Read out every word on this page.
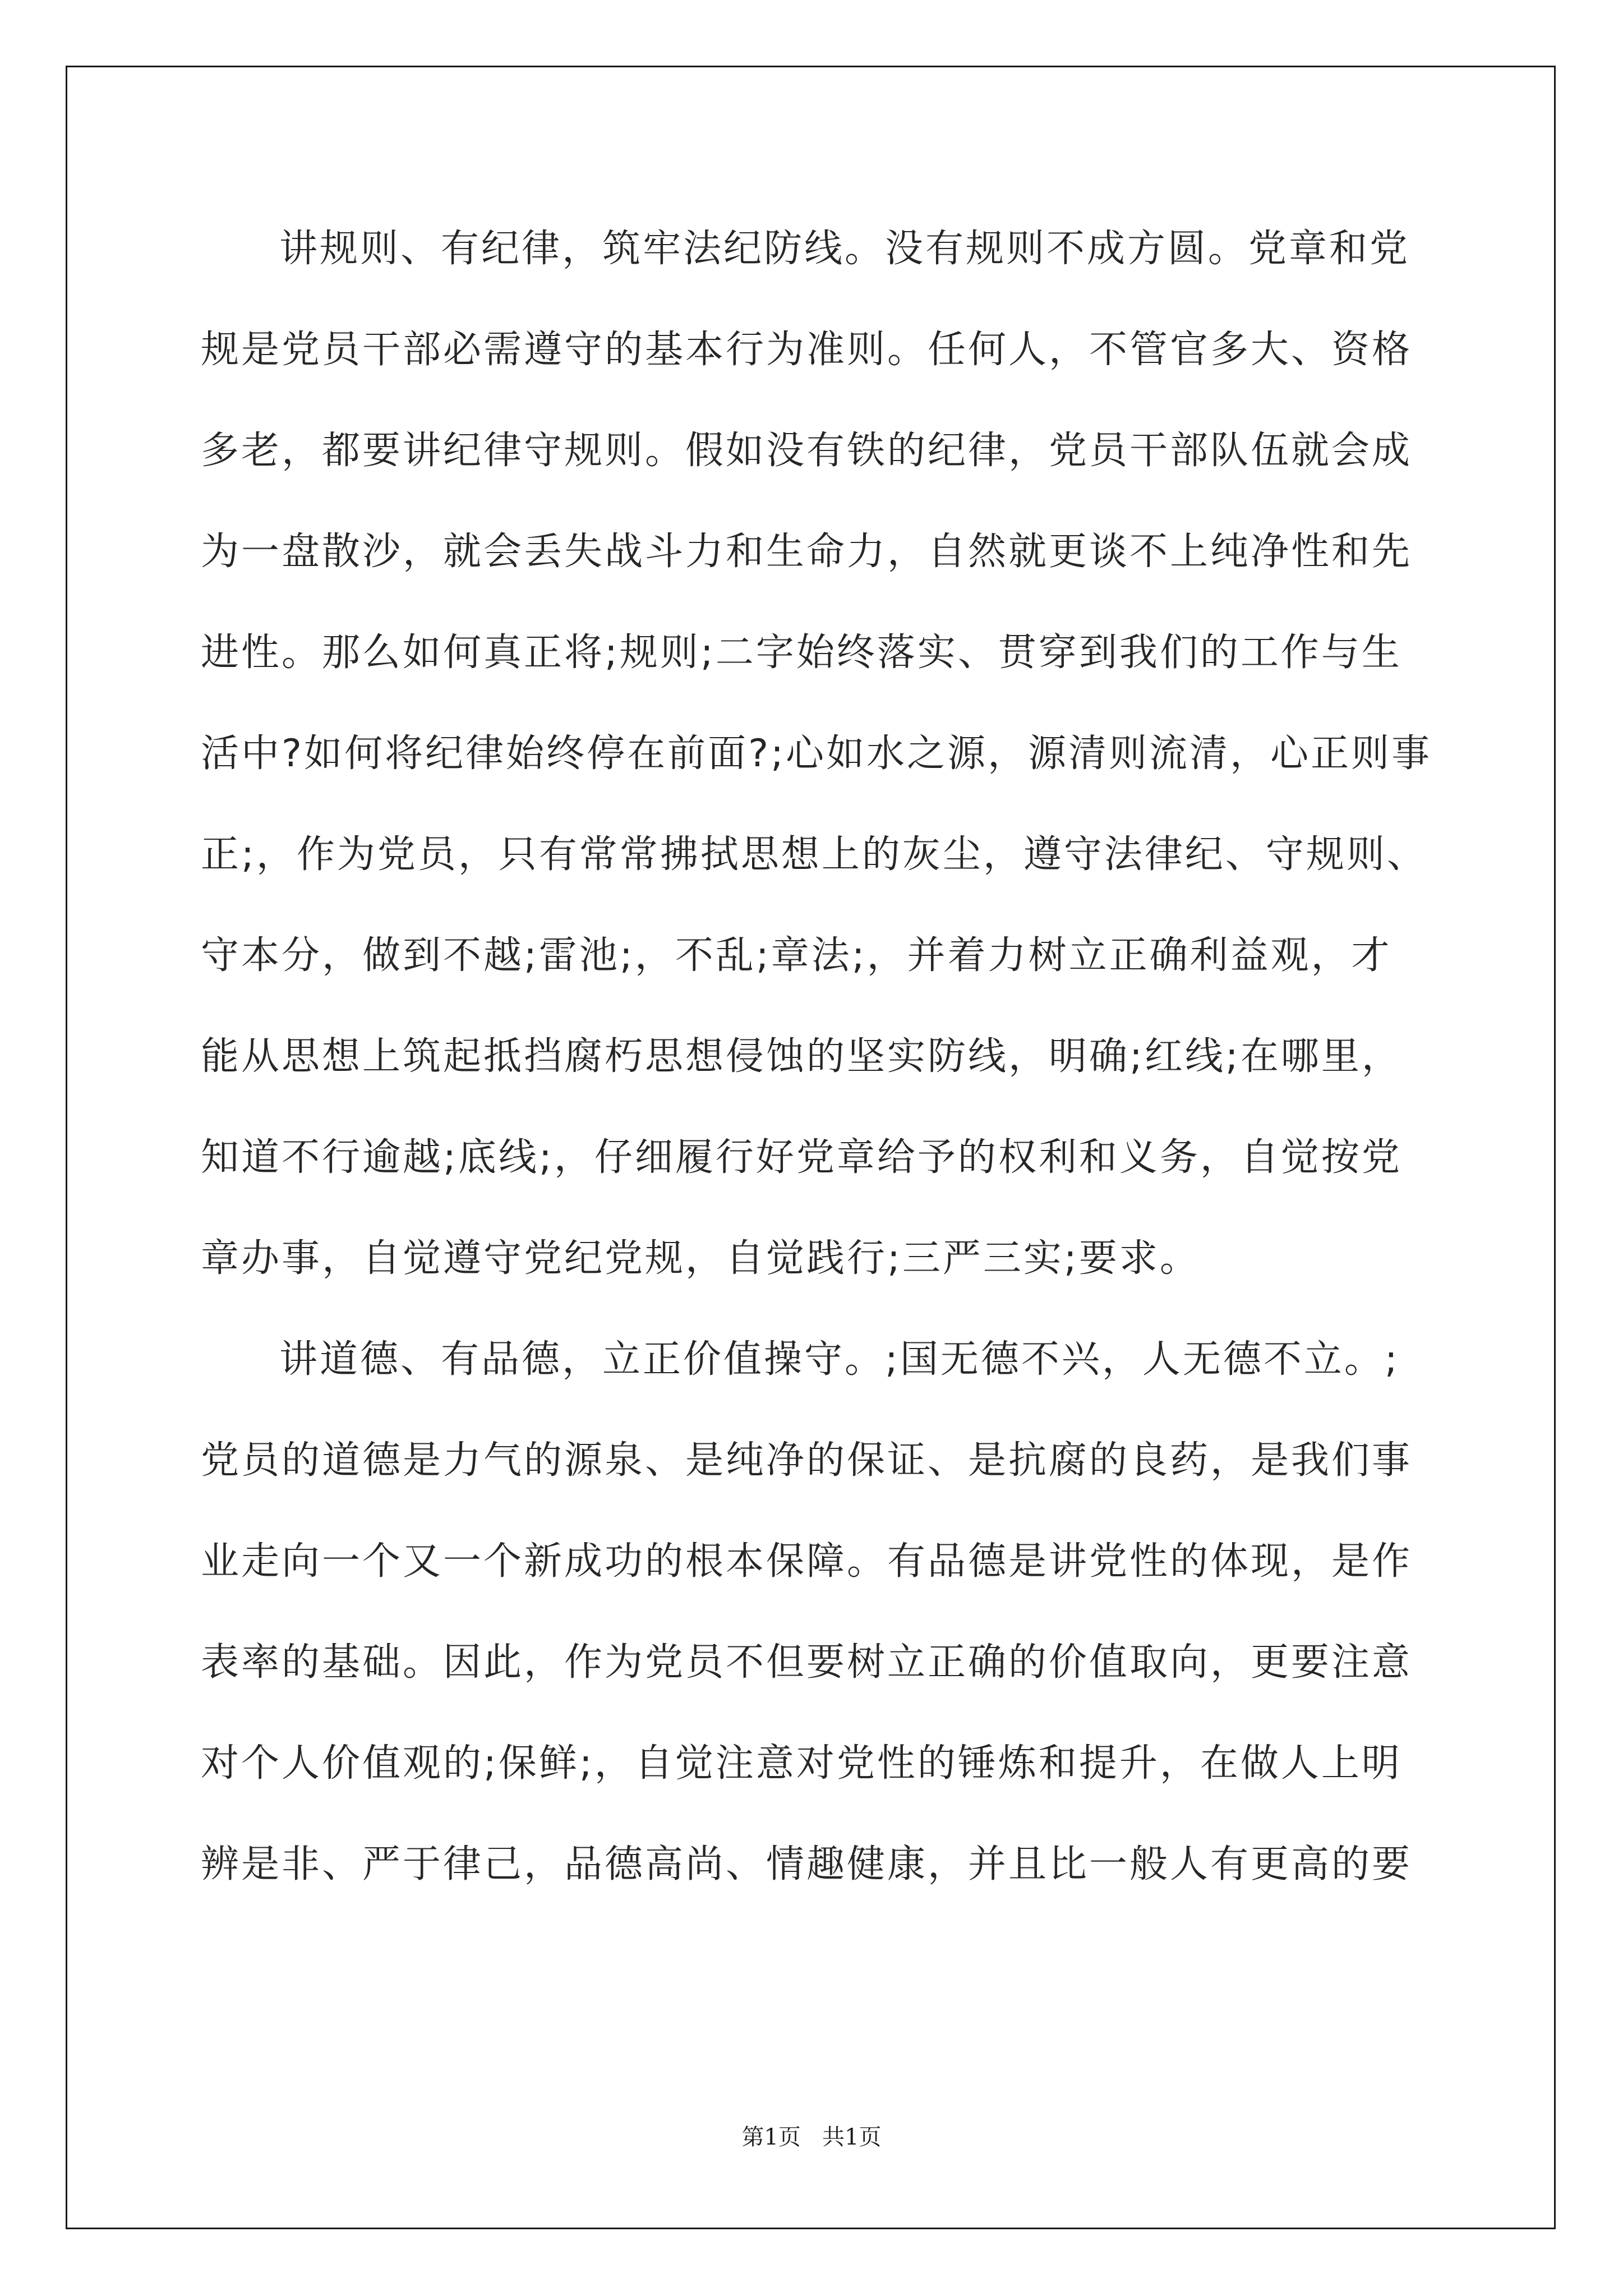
讲规则、有纪律，筑牢法纪防线。没有规则不成方圆。党章和党
规是党员干部必需遵守的基本行为准则。任何人，不管官多大、资格
多老，都要讲纪律守规则。假如没有铁的纪律，党员干部队伍就会成
为一盘散沙，就会丢失战斗力和生命力，自然就更谈不上纯净性和先
进性。那么如何真正将;规则;二字始终落实、贯穿到我们的工作与生
活中?如何将纪律始终停在前面?;心如水之源，源清则流清，心正则事
正;，作为党员，只有常常拂拭思想上的灰尘，遵守法律纪、守规则、
守本分，做到不越;雷池;，不乱;章法;，并着力树立正确利益观，才
能从思想上筑起抵挡腐朽思想侵蚀的坚实防线，明确;红线;在哪里，
知道不行逾越;底线;，仔细履行好党章给予的权利和义务，自觉按党
章办事，自觉遵守党纪党规，自觉践行;三严三实;要求。
讲道德、有品德，立正价值操守。;国无德不兴，人无德不立。;
党员的道德是力气的源泉、是纯净的保证、是抗腐的良药，是我们事
业走向一个又一个新成功的根本保障。有品德是讲党性的体现，是作
表率的基础。因此，作为党员不但要树立正确的价值取向，更要注意
对个人价值观的;保鲜;，自觉注意对党性的锤炼和提升，在做人上明
辨是非、严于律己，品德高尚、情趣健康，并且比一般人有更高的要
第1页   共1页
